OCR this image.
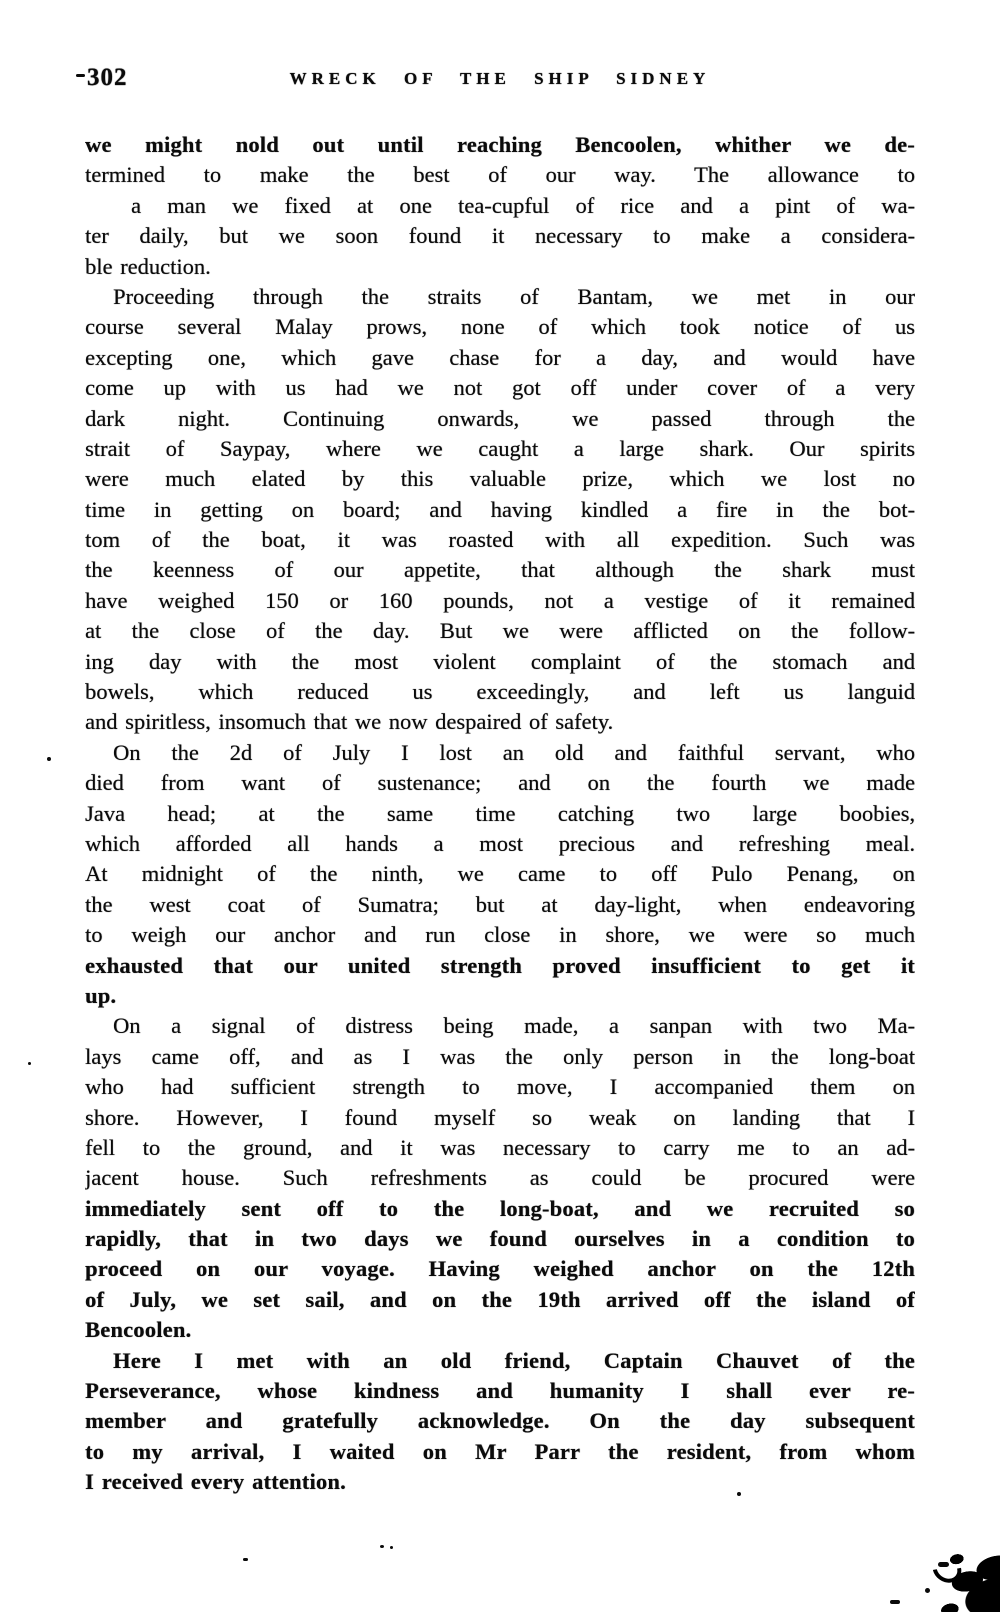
302	WRECK OF THE SHIP SIDNEY
we might nold out until reaching Bencoolen, whither we de-
termined to make the best of our way. The allowance to
a man we fixed at one tea-cupful of rice and a pint of wa-
ter daily, but we soon found it necessary to make a considera-
ble reduction.
Proceeding through the straits of Bantam, we met in our
course several Malay prows, none of which took notice of us
excepting one, which gave chase for a day, and would have
come up with us had we not got off under cover of a very
dark night. Continuing onwards, we passed through the
strait of Saypay, where we caught a large shark. Our spirits
were much elated by this valuable prize, which we lost no
time in getting on board; and having kindled a fire in the bot-
tom of the boat, it was roasted with all expedition. Such was
the keenness of our appetite, that although the shark must
have weighed 150 or 160 pounds, not a vestige of it remained
at the close of the day. But we were afflicted on the follow-
ing day with the most violent complaint of the stomach and
bowels, which reduced us exceedingly, and left us languid
and spiritless, insomuch that we now despaired of safety.
On the 2d of July I lost an old and faithful servant, who
died from want of sustenance; and on the fourth we made
Java head; at the same time catching two large boobies,
which afforded all hands a most precious and refreshing meal.
At midnight of the ninth, we came to off Pulo Penang, on
the west coat of Sumatra; but at day-light, when endeavoring
to weigh our anchor and run close in shore, we were so much
exhausted that our united strength proved insufficient to get it
up.
On a signal of distress being made, a sanpan with two Ma-
lays came off, and as I was the only person in the long-boat
who had sufficient strength to move, I accompanied them on
shore. However, I found myself so weak on landing that I
fell to the ground, and it was necessary to carry me to an ad-
jacent house. Such refreshments as could be procured were
immediately sent off to the long-boat, and we recruited so
rapidly, that in two days we found ourselves in a condition to
proceed on our voyage. Having weighed anchor on the 12th
of July, we set sail, and on the 19th arrived off the island of
Bencoolen.
Here I met with an old friend, Captain Chauvet of the
Perseverance, whose kindness and humanity I shall ever re-
member and gratefully acknowledge. On the day subsequent
to my arrival, I waited on Mr Parr the resident, from whom
I received every attention.
